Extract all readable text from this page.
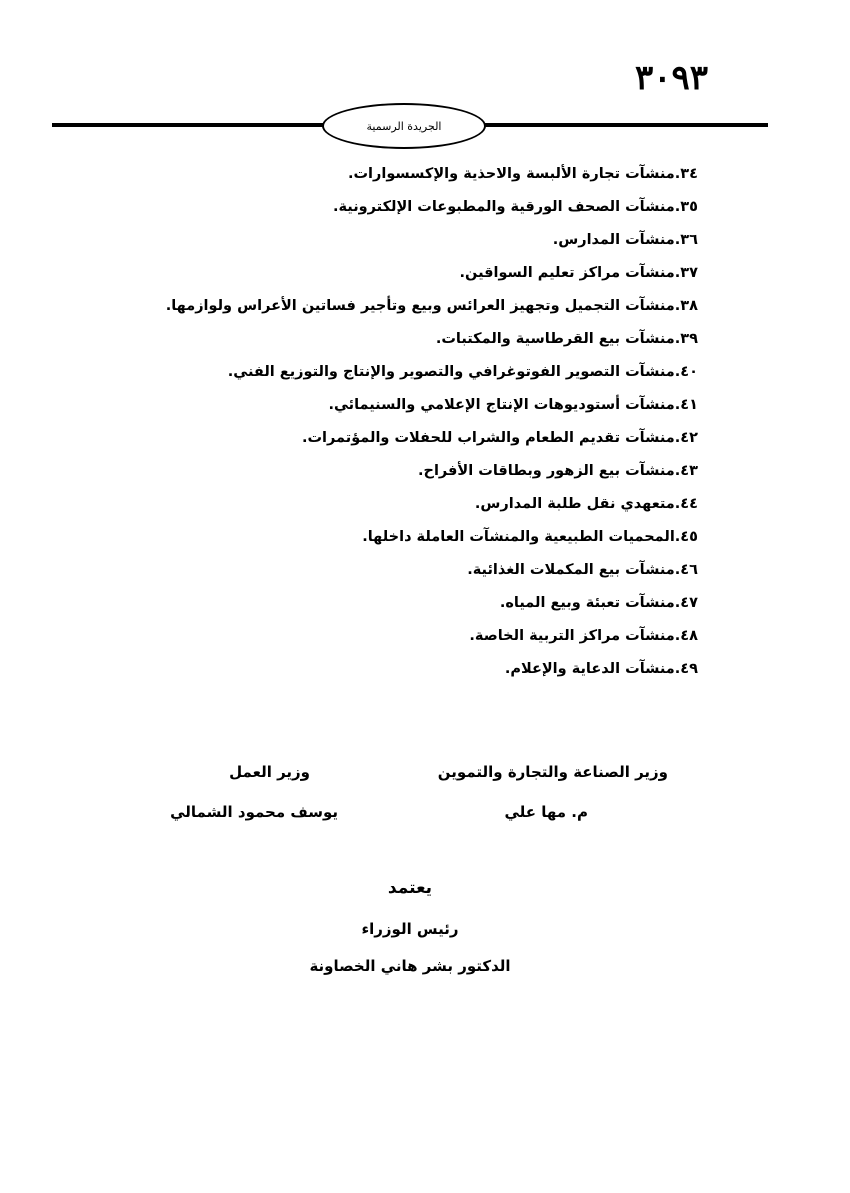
٣٠٩٣
الجريدة الرسمية
٣٤.منشآت تجارة الألبسة والاحذية والإكسسوارات.
٣٥.منشآت الصحف الورقية والمطبوعات الإلكترونية.
٣٦.منشآت المدارس.
٣٧.منشآت مراكز تعليم السواقين.
٣٨.منشآت التجميل وتجهيز العرائس وبيع وتأجير فساتين الأعراس ولوازمها.
٣٩.منشآت بيع القرطاسية والمكتبات.
٤٠.منشآت التصوير الفوتوغرافي والتصوير والإنتاج والتوزيع الفني.
٤١.منشآت أستوديوهات الإنتاج الإعلامي والسنيمائي.
٤٢.منشآت تقديم الطعام والشراب للحفلات والمؤتمرات.
٤٣.منشآت بيع الزهور وبطاقات الأفراح.
٤٤.متعهدي نقل طلبة المدارس.
٤٥.المحميات الطبيعية والمنشآت العاملة داخلها.
٤٦.منشآت بيع المكملات الغذائية.
٤٧.منشآت تعبئة وبيع المياه.
٤٨.منشآت مراكز التربية الخاصة.
٤٩.منشآت الدعاية والإعلام.
وزير الصناعة والتجارة والتموين
وزير العمل
م. مها علي
يوسف محمود الشمالي
يعتمد
رئيس الوزراء
الدكتور بشر هاني الخصاونة
